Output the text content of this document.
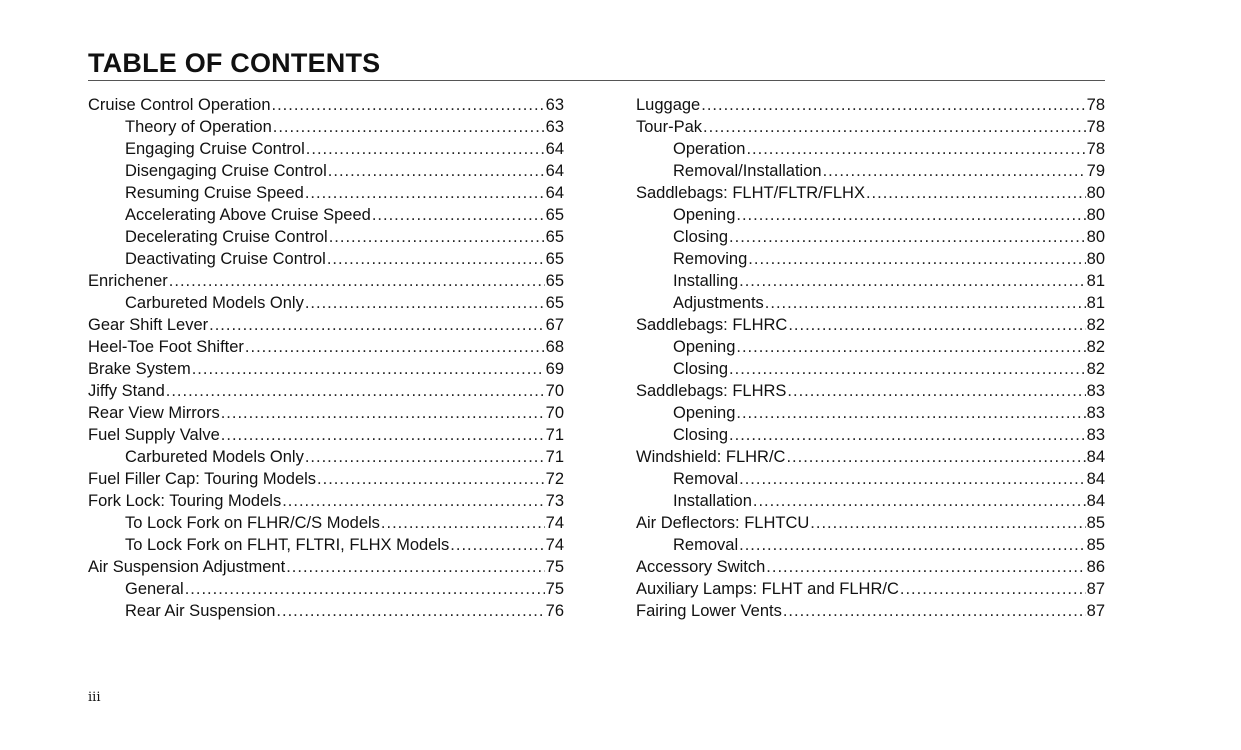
TABLE OF CONTENTS
Cruise Control Operation .....	63
Theory of Operation .....	63
Engaging Cruise Control .....	64
Disengaging Cruise Control .....	64
Resuming Cruise Speed .....	64
Accelerating Above Cruise Speed .....	65
Decelerating Cruise Control .....	65
Deactivating Cruise Control .....	65
Enrichener .....	65
Carbureted Models Only .....	65
Gear Shift Lever .....	67
Heel-Toe Foot Shifter .....	68
Brake System .....	69
Jiffy Stand .....	70
Rear View Mirrors .....	70
Fuel Supply Valve .....	71
Carbureted Models Only .....	71
Fuel Filler Cap: Touring Models .....	72
Fork Lock: Touring Models .....	73
To Lock Fork on FLHR/C/S Models .....	74
To Lock Fork on FLHT, FLTRI, FLHX Models .....	74
Air Suspension Adjustment .....	75
General .....	75
Rear Air Suspension .....	76
Luggage .....	78
Tour-Pak .....	78
Operation .....	78
Removal/Installation .....	79
Saddlebags: FLHT/FLTR/FLHX .....	80
Opening .....	80
Closing .....	80
Removing .....	80
Installing .....	81
Adjustments .....	81
Saddlebags: FLHRC .....	82
Opening .....	82
Closing .....	82
Saddlebags: FLHRS .....	83
Opening .....	83
Closing .....	83
Windshield: FLHR/C .....	84
Removal .....	84
Installation .....	84
Air Deflectors: FLHTCU .....	85
Removal .....	85
Accessory Switch .....	86
Auxiliary Lamps: FLHT and FLHR/C .....	87
Fairing Lower Vents .....	87
iii
